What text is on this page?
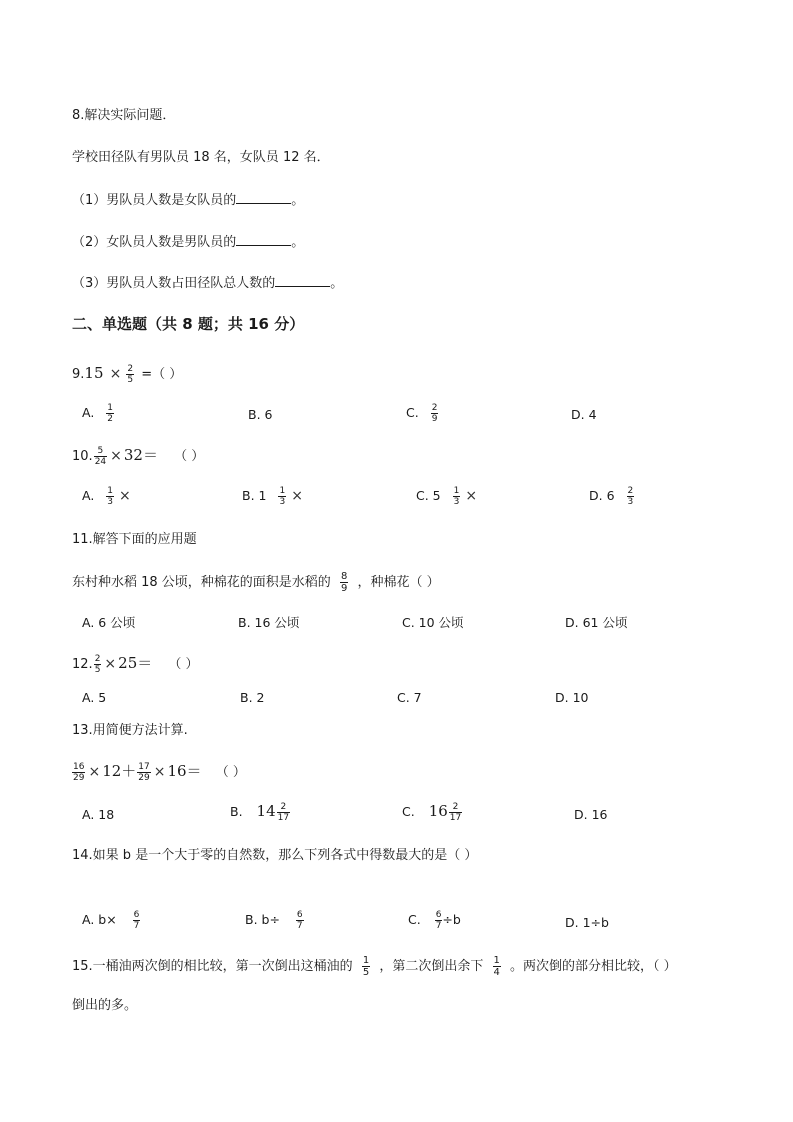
8.解决实际问题．
学校田径队有男队员 18 名，女队员 12 名．
（1）男队员人数是女队员的	。
（2）女队员人数是男队员的	。
（3）男队员人数占田径队总人数的	。
二、单选题（共 8 题；共 16 分）
$9.15 \times \frac{2}{5}$ =（ ）
A. $\frac{1}{2}$	B. 6	C. $\frac{2}{9}$	D. 4
10. $\frac{5}{24} \times 32=$ （ ）
A. $\frac{1}{3}$ ×	B. $1 \frac{1}{3}$ ×	C. $5 \frac{1}{3}$ ×	D. $6 \frac{2}{3}$
11.解答下面的应用题
东村种水稻 18 公顷，种棉花的面积是水稻的 $\frac{8}{9}$ ，种棉花（ ）
A. 6 公顷	B. 16 公顷	C. 10 公顷	D. 61 公顷
12. $\frac{2}{5} \times 25=$ （ ）
A. 5	B. 2	C. 7	D. 10
13.用简便方法计算.
$\frac{16}{29} \times 12+ \frac{17}{29} \times 16=$ （ ）
A. 18	B. $14 \frac{2}{17}$	C. $16 \frac{2}{17}$	D. 16
14.如果 b 是一个大于零的自然数，那么下列各式中得数最大的是（ ）
A. $b\times \frac{6}{7}$	B. $b\div \frac{6}{7}$	C. $\frac{6}{7} \div b$	D. 1÷b
15.一桶油两次倒的相比较，第一次倒出这桶油的 $\frac{1}{5}$ ，第二次倒出余下 $\frac{1}{4}$ 。两次倒的部分相比较，（ ）
倒出的多。
